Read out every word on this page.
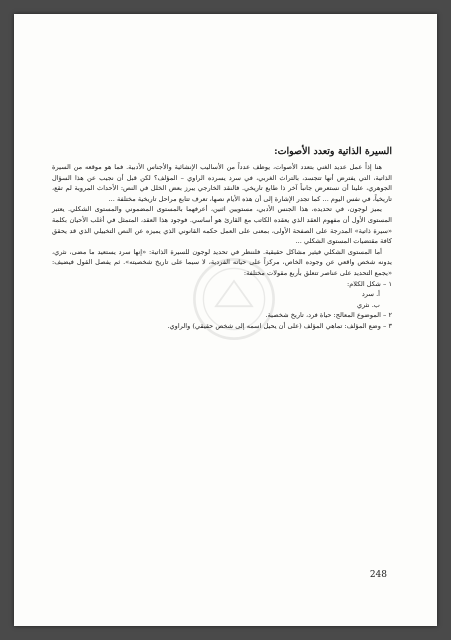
السيرة الذاتية وتعدد الأصوات:

هنا إذاً عمل عديد الغني بتعدد الأصوات، يوظف عدداً من الأساليب الإنشائية والأجناس الأدبية. فما هو موقعه من السيرة الذاتية، التي يفترض أنها تتجسد، بالتراث الغربي، في سرد يسرده الراوي – المؤلف؟ لكن قبل أن نجيب عن هذا السؤال الجوهري، علينا أن نستعرض جانباً آخر ذا طابع تاريخي. فالنقد الخارجي يبرز بعض الخلل في النص: الأحداث المروية لم تقع، تاريخياً، في نفس اليوم ... كما تجدر الإشارة إلى أن هذه الأيام نصها، تعرف تتابع مراحل تاريخية مختلفة ...

يميز لوجون، في تحديده، هذا الجنس الأدبي، مستويين اثنين، أعرفهما بالمستوى المضموني والمستوى الشكلي. يعتبر المستوى الأول أن مفهوم العقد الذي يعقده الكاتب مع القارئ هو أساسي. فوجود هذا العقد، المتمثل في أغلب الأحيان بكلمة «سيرة ذاتية» المدرجة على الصفحة الأولى، بمعنى على العمل حكمه القانوني الذي يميزه عن النص التخييلي الذي قد يحقق كافة مقتضيات المستوى الشكلي ...

أما المستوى الشكلي فيثير مشاكل حقيقية. فلننظر في تحديد لوجون للسيرة الذاتية: «إنها سرد يستعيد ما مضى، نثري، يدونه شخص واقعي عن وجوده الخاص، مركزاً على حياته الفردية، لا سيما على تاريخ شخصيته». ثم يفصل القول فيضيف: «يجمع التحديد على عناصر تتعلق بأربع مقولات مختلفة:

١ – شكل الكلام:
أ. سرد
ب. نثري
٢ – الموضوع المعالج: حياة فرد، تاريخ شخصية.
٣ – وضع المؤلف: تماهي المؤلف (على أن يحيل اسمه إلى شخص حقيقي) والراوي.
248
